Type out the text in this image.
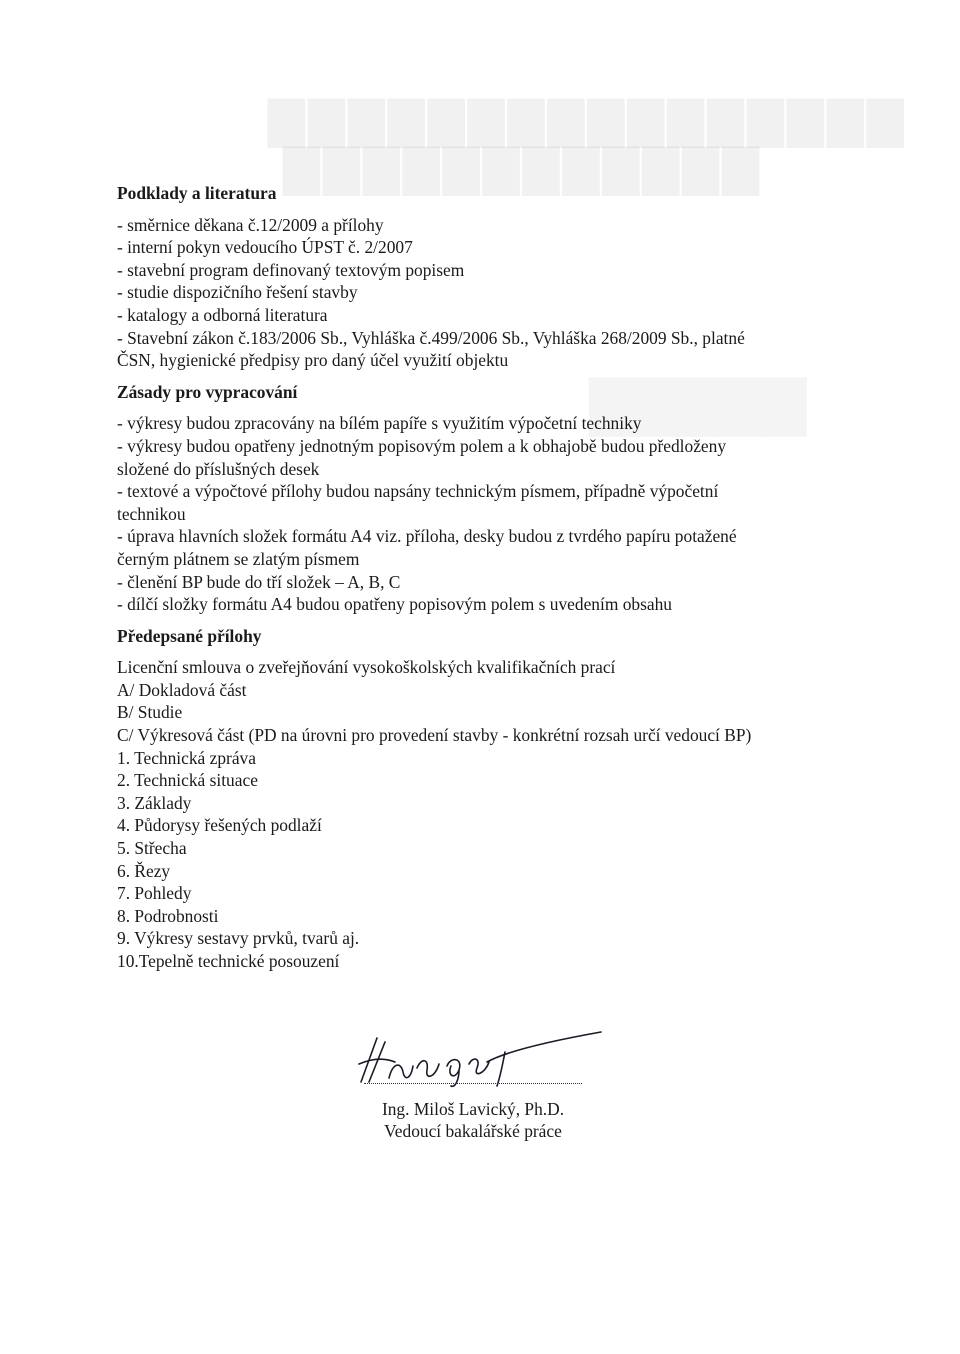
▇▇▇▇▇▇▇▇▇▇▇▇▇▇▇▇
▇▇▇▇▇▇▇▇▇▇▇▇
Podklady a literatura

- směrnice děkana č.12/2009 a přílohy

- interní pokyn vedoucího ÚPST č. 2/2007

- stavební program definovaný textovým popisem

- studie dispozičního řešení stavby

- katalogy a odborná literatura

- Stavební zákon č.183/2006 Sb., Vyhláška č.499/2006 Sb., Vyhláška 268/2009 Sb., platné

ČSN, hygienické předpisy pro daný účel využití objektu

Zásady pro vypracování

- výkresy budou zpracovány na bílém papíře s využitím výpočetní techniky

- výkresy budou opatřeny jednotným popisovým polem a k obhajobě budou předloženy

složené do příslušných desek

- textové a výpočtové přílohy budou napsány technickým písmem, případně výpočetní

technikou

- úprava hlavních složek formátu A4 viz. příloha, desky budou z tvrdého papíru potažené

černým plátnem se zlatým písmem

- členění BP bude do tří složek – A, B, C

- dílčí složky formátu A4 budou opatřeny popisovým polem s uvedením obsahu

Předepsané přílohy

Licenční smlouva o zveřejňování vysokoškolských kvalifikačních prací

A/ Dokladová část

B/ Studie

C/ Výkresová část (PD na úrovni pro provedení stavby - konkrétní rozsah určí vedoucí BP)

1. Technická zpráva

2. Technická situace

3. Základy

4. Půdorysy řešených podlaží

5. Střecha

6. Řezy

7. Pohledy

8. Podrobnosti

9. Výkresy sestavy prvků, tvarů aj.

10.Tepelně technické posouzení

Ing. Miloš Lavický, Ph.D.
Vedoucí bakalářské práce
